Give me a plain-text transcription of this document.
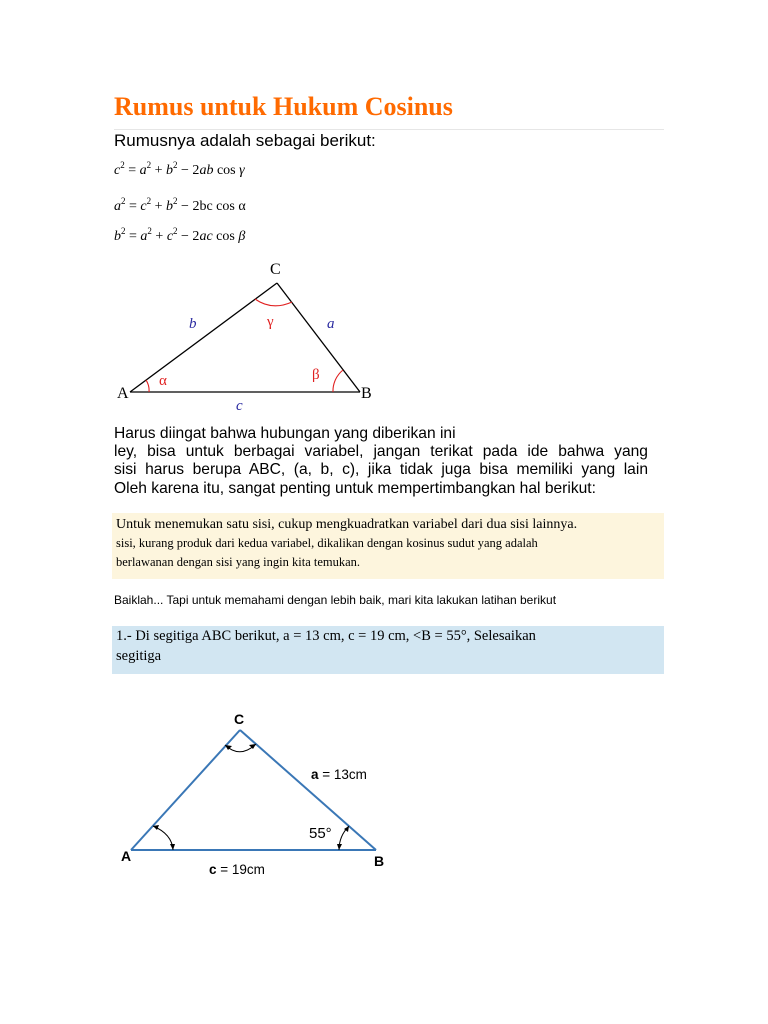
Rumus untuk Hukum Cosinus
Rumusnya adalah sebagai berikut:
$c^2 = a^2 + b^2 - 2ab$ cos γ
$a^2 = c^2 + b^2 - 2bc$ cos α
$b^2 = a^2 + c^2 - 2ac$ cos β
C
A	B
b	a
c
α	β
γ
Harus diingat bahwa hubungan yang diberikan ini
ley, bisa untuk berbagai variabel, jangan terikat pada ide bahwa yang
sisi harus berupa ABC, (a, b, c), jika tidak juga bisa memiliki yang lain
Oleh karena itu, sangat penting untuk mempertimbangkan hal berikut:
Untuk menemukan satu sisi, cukup mengkuadratkan variabel dari dua sisi lainnya.
sisi, kurang produk dari kedua variabel, dikalikan dengan kosinus sudut yang adalah
berlawanan dengan sisi yang ingin kita temukan.
Baiklah... Tapi untuk memahami dengan lebih baik, mari kita lakukan latihan berikut
1.- Di segitiga ABC berikut, a = 13 cm, c = 19 cm, <B = 55°, Selesaikan
segitiga
C
A	B
a = 13cm
c = 19cm
55°
